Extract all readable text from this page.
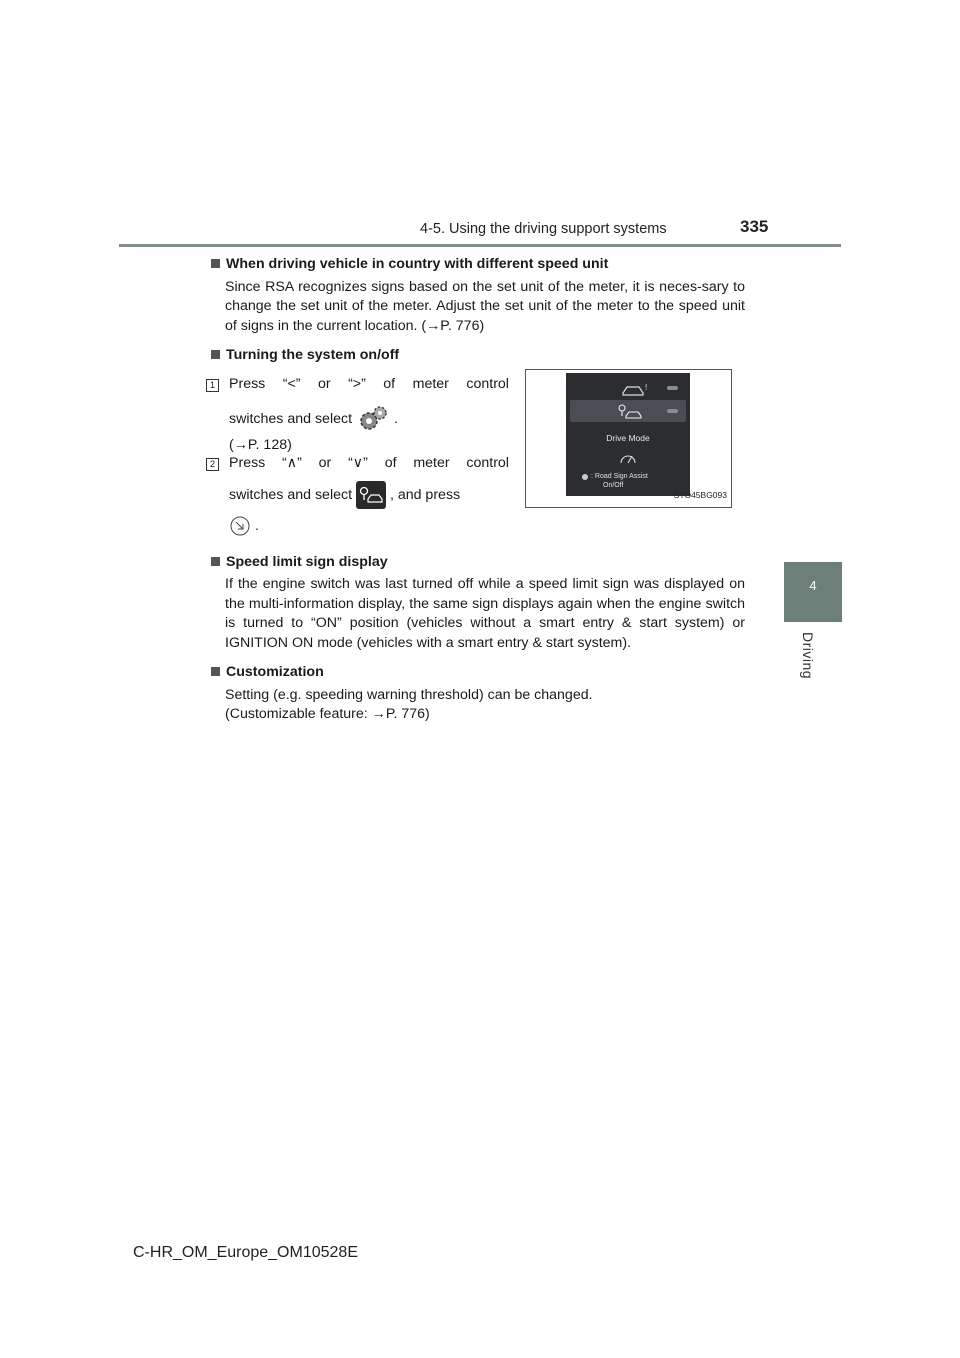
4-5. Using the driving support systems	335
4
Driving
When driving vehicle in country with different speed unit
Since RSA recognizes signs based on the set unit of the meter, it is neces-sary to change the set unit of the meter. Adjust the set unit of the meter to the speed unit of signs in the current location. (→P. 776)
Turning the system on/off
1 Press “<” or “>” of meter control
switches and select	.
(→P. 128)
2 Press “∧” or “∨” of meter control
switches and select	, and press
.
!
Drive Mode
: Road Sign Assist
On/Off
STO45BG093
Speed limit sign display
If the engine switch was last turned off while a speed limit sign was displayed on the multi-information display, the same sign displays again when the engine switch is turned to “ON” position (vehicles without a smart entry & start system) or IGNITION ON mode (vehicles with a smart entry & start system).
Customization
Setting (e.g. speeding warning threshold) can be changed.
(Customizable feature: →P. 776)
C-HR_OM_Europe_OM10528E
